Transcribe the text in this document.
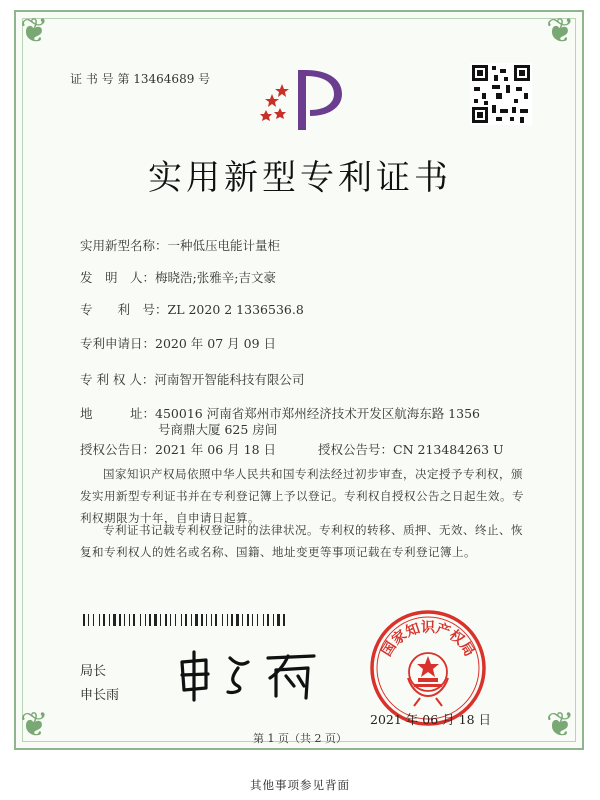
❦	❦
❦	❦
证 书 号 第 13464689 号
实用新型专利证书
实用新型名称：一种低压电能计量柜
发　明　人：梅晓浩;张雅辛;吉文豪
专　　利　号：ZL 2020 2 1336536.8
专利申请日：2020 年 07 月 09 日
专 利 权 人：河南智开智能科技有限公司
地　　　址：450016 河南省郑州市郑州经济技术开发区航海东路 1356
号商鼎大厦 625 房间
授权公告日：2021 年 06 月 18 日	授权公告号：CN 213484263 U
国家知识产权局依照中华人民共和国专利法经过初步审查，决定授予专利权，颁发实用新型专利证书并在专利登记簿上予以登记。专利权自授权公告之日起生效。专利权期限为十年，自申请日起算。
专利证书记载专利权登记时的法律状况。专利权的转移、质押、无效、终止、恢复和专利权人的姓名或名称、国籍、地址变更等事项记载在专利登记簿上。
局长
申长雨
国家知识产权局
2021 年 06 月 18 日
第 1 页（共 2 页）
其他事项参见背面
